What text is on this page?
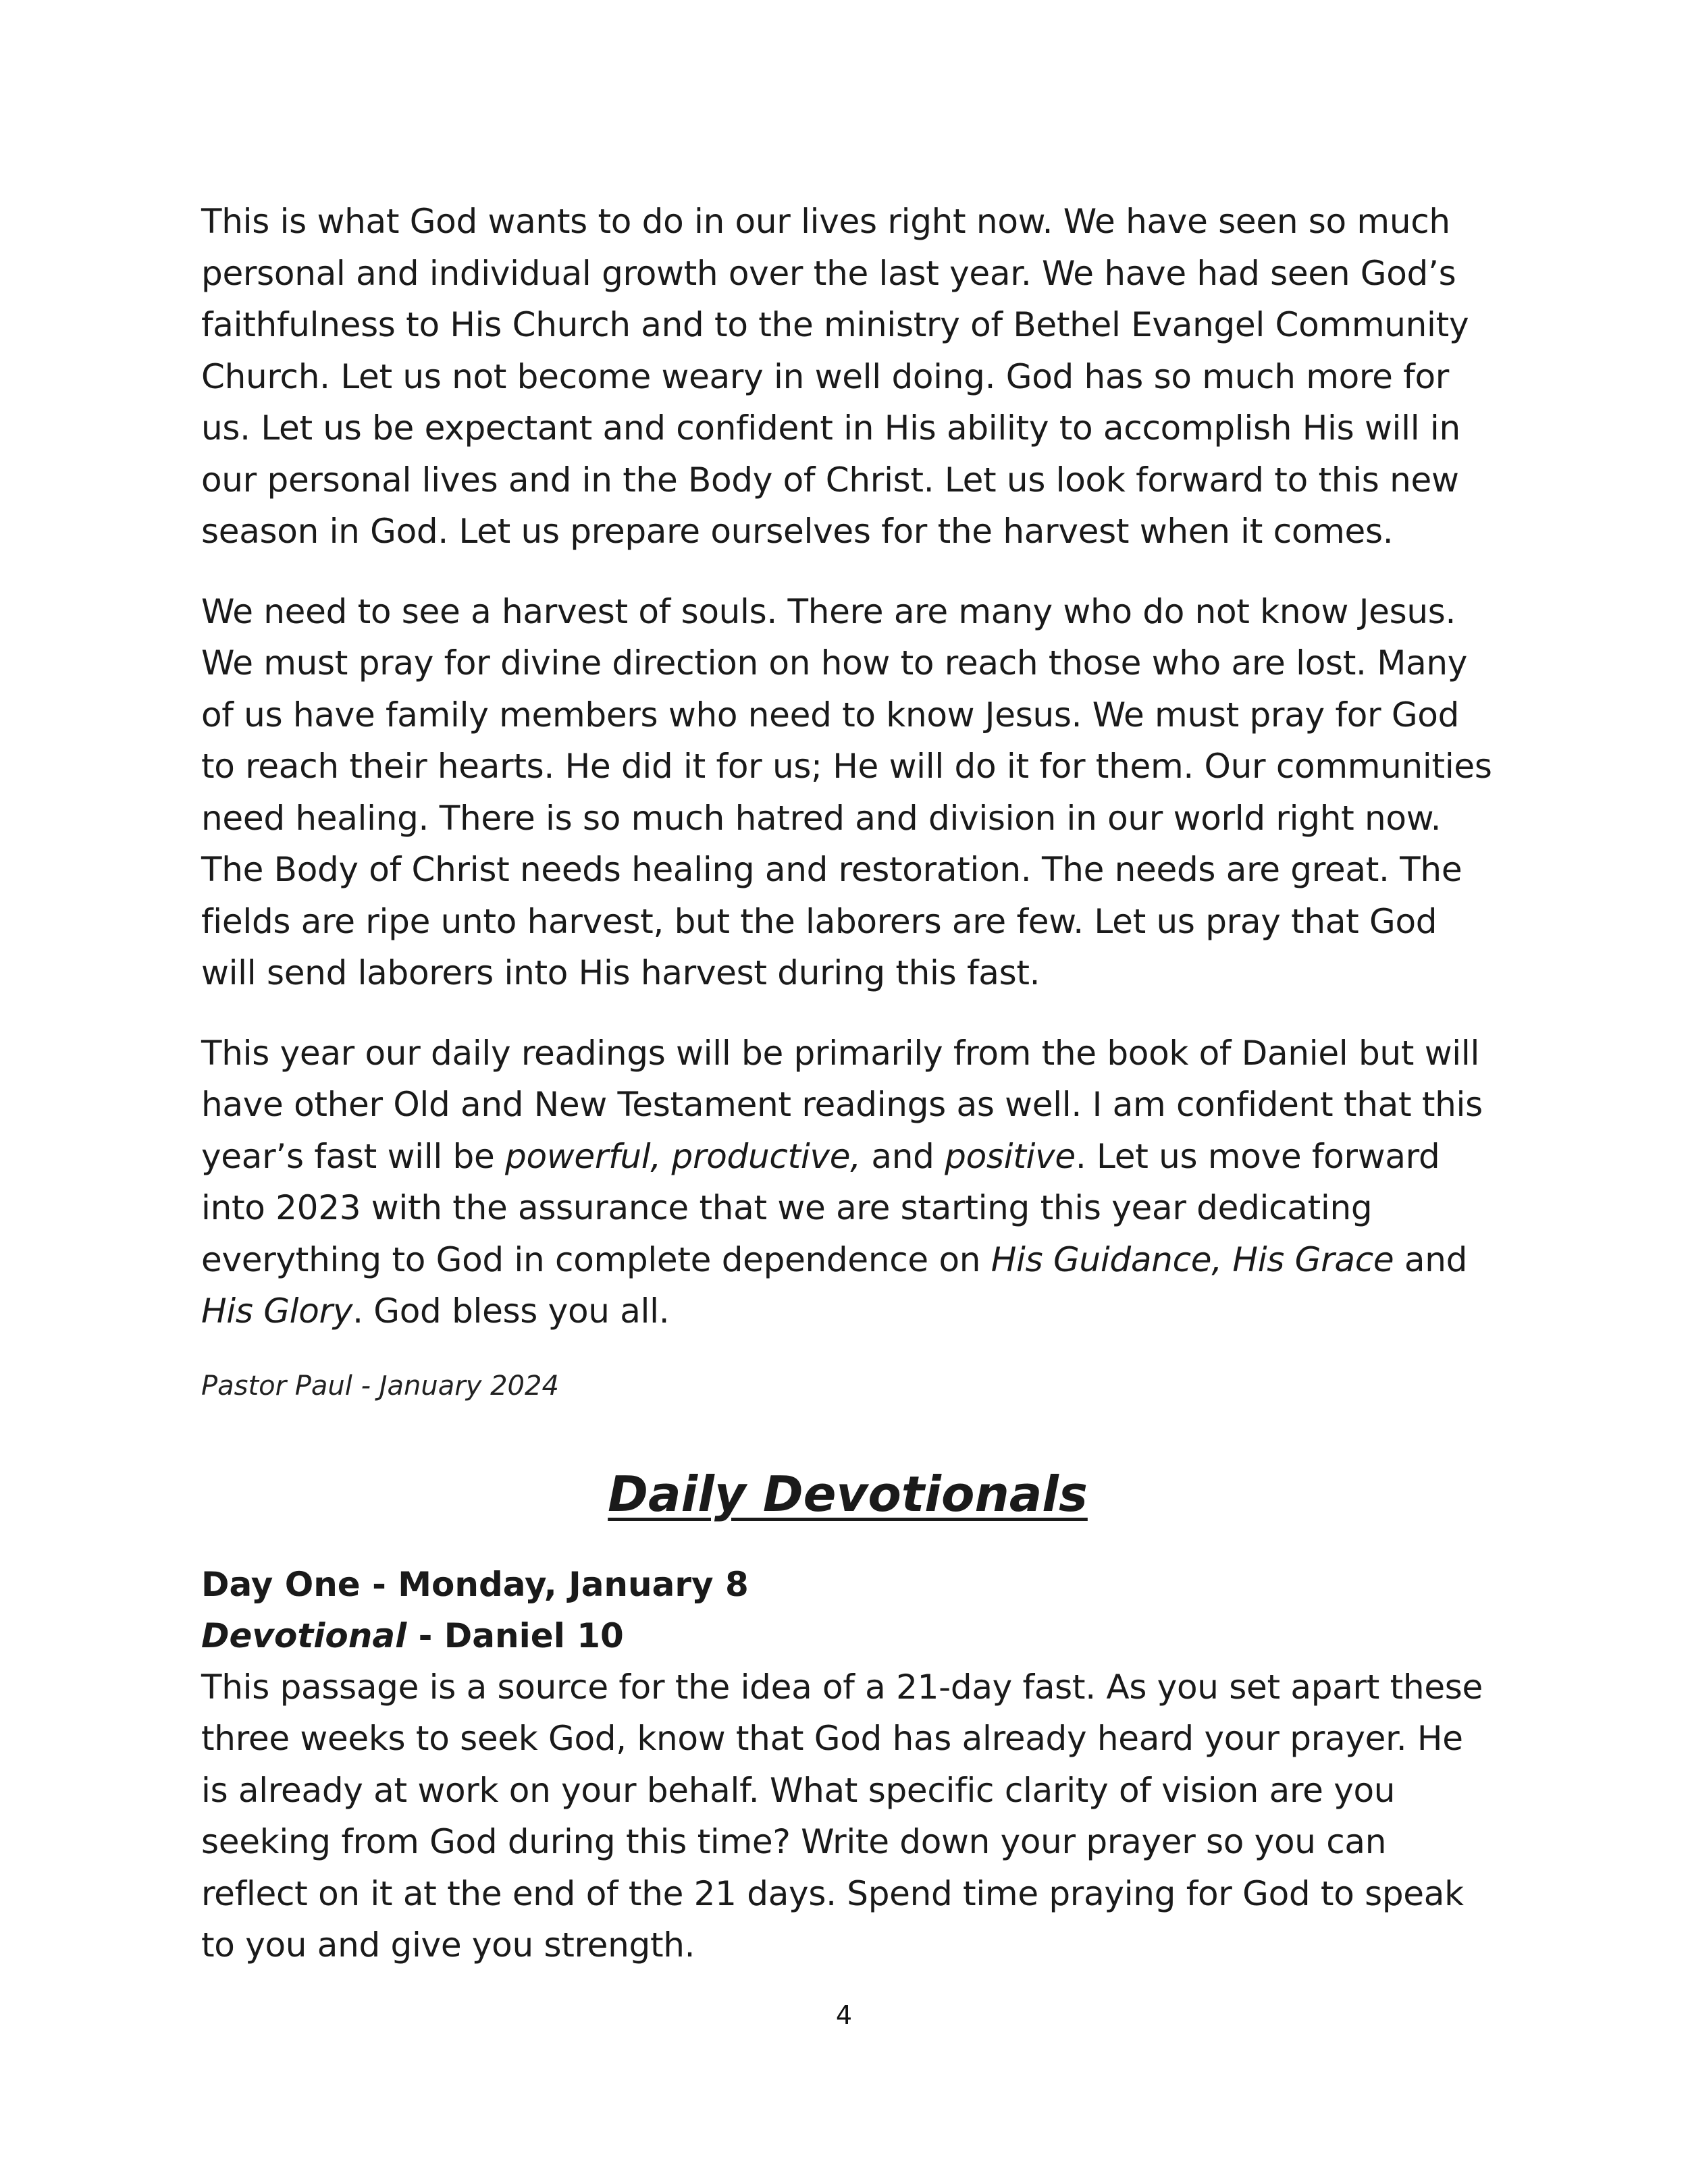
This is what God wants to do in our lives right now. We have seen so much personal and individual growth over the last year. We have had seen God’s faithfulness to His Church and to the ministry of Bethel Evangel Community Church. Let us not become weary in well doing. God has so much more for us. Let us be expectant and confident in His ability to accomplish His will in our personal lives and in the Body of Christ. Let us look forward to this new season in God. Let us prepare ourselves for the harvest when it comes.

We need to see a harvest of souls. There are many who do not know Jesus. We must pray for divine direction on how to reach those who are lost. Many of us have family members who need to know Jesus. We must pray for God to reach their hearts. He did it for us; He will do it for them. Our communities need healing. There is so much hatred and division in our world right now. The Body of Christ needs healing and restoration. The needs are great. The fields are ripe unto harvest, but the laborers are few. Let us pray that God will send laborers into His harvest during this fast.

This year our daily readings will be primarily from the book of Daniel but will have other Old and New Testament readings as well. I am confident that this year’s fast will be powerful, productive, and positive. Let us move forward into 2023 with the assurance that we are starting this year dedicating everything to God in complete dependence on His Guidance, His Grace and His Glory. God bless you all.

Pastor Paul - January 2024

Daily Devotionals

Day One - Monday, January 8

Devotional - Daniel 10

This passage is a source for the idea of a 21-day fast. As you set apart these three weeks to seek God, know that God has already heard your prayer. He is already at work on your behalf. What specific clarity of vision are you seeking from God during this time? Write down your prayer so you can reflect on it at the end of the 21 days. Spend time praying for God to speak to you and give you strength.

4
